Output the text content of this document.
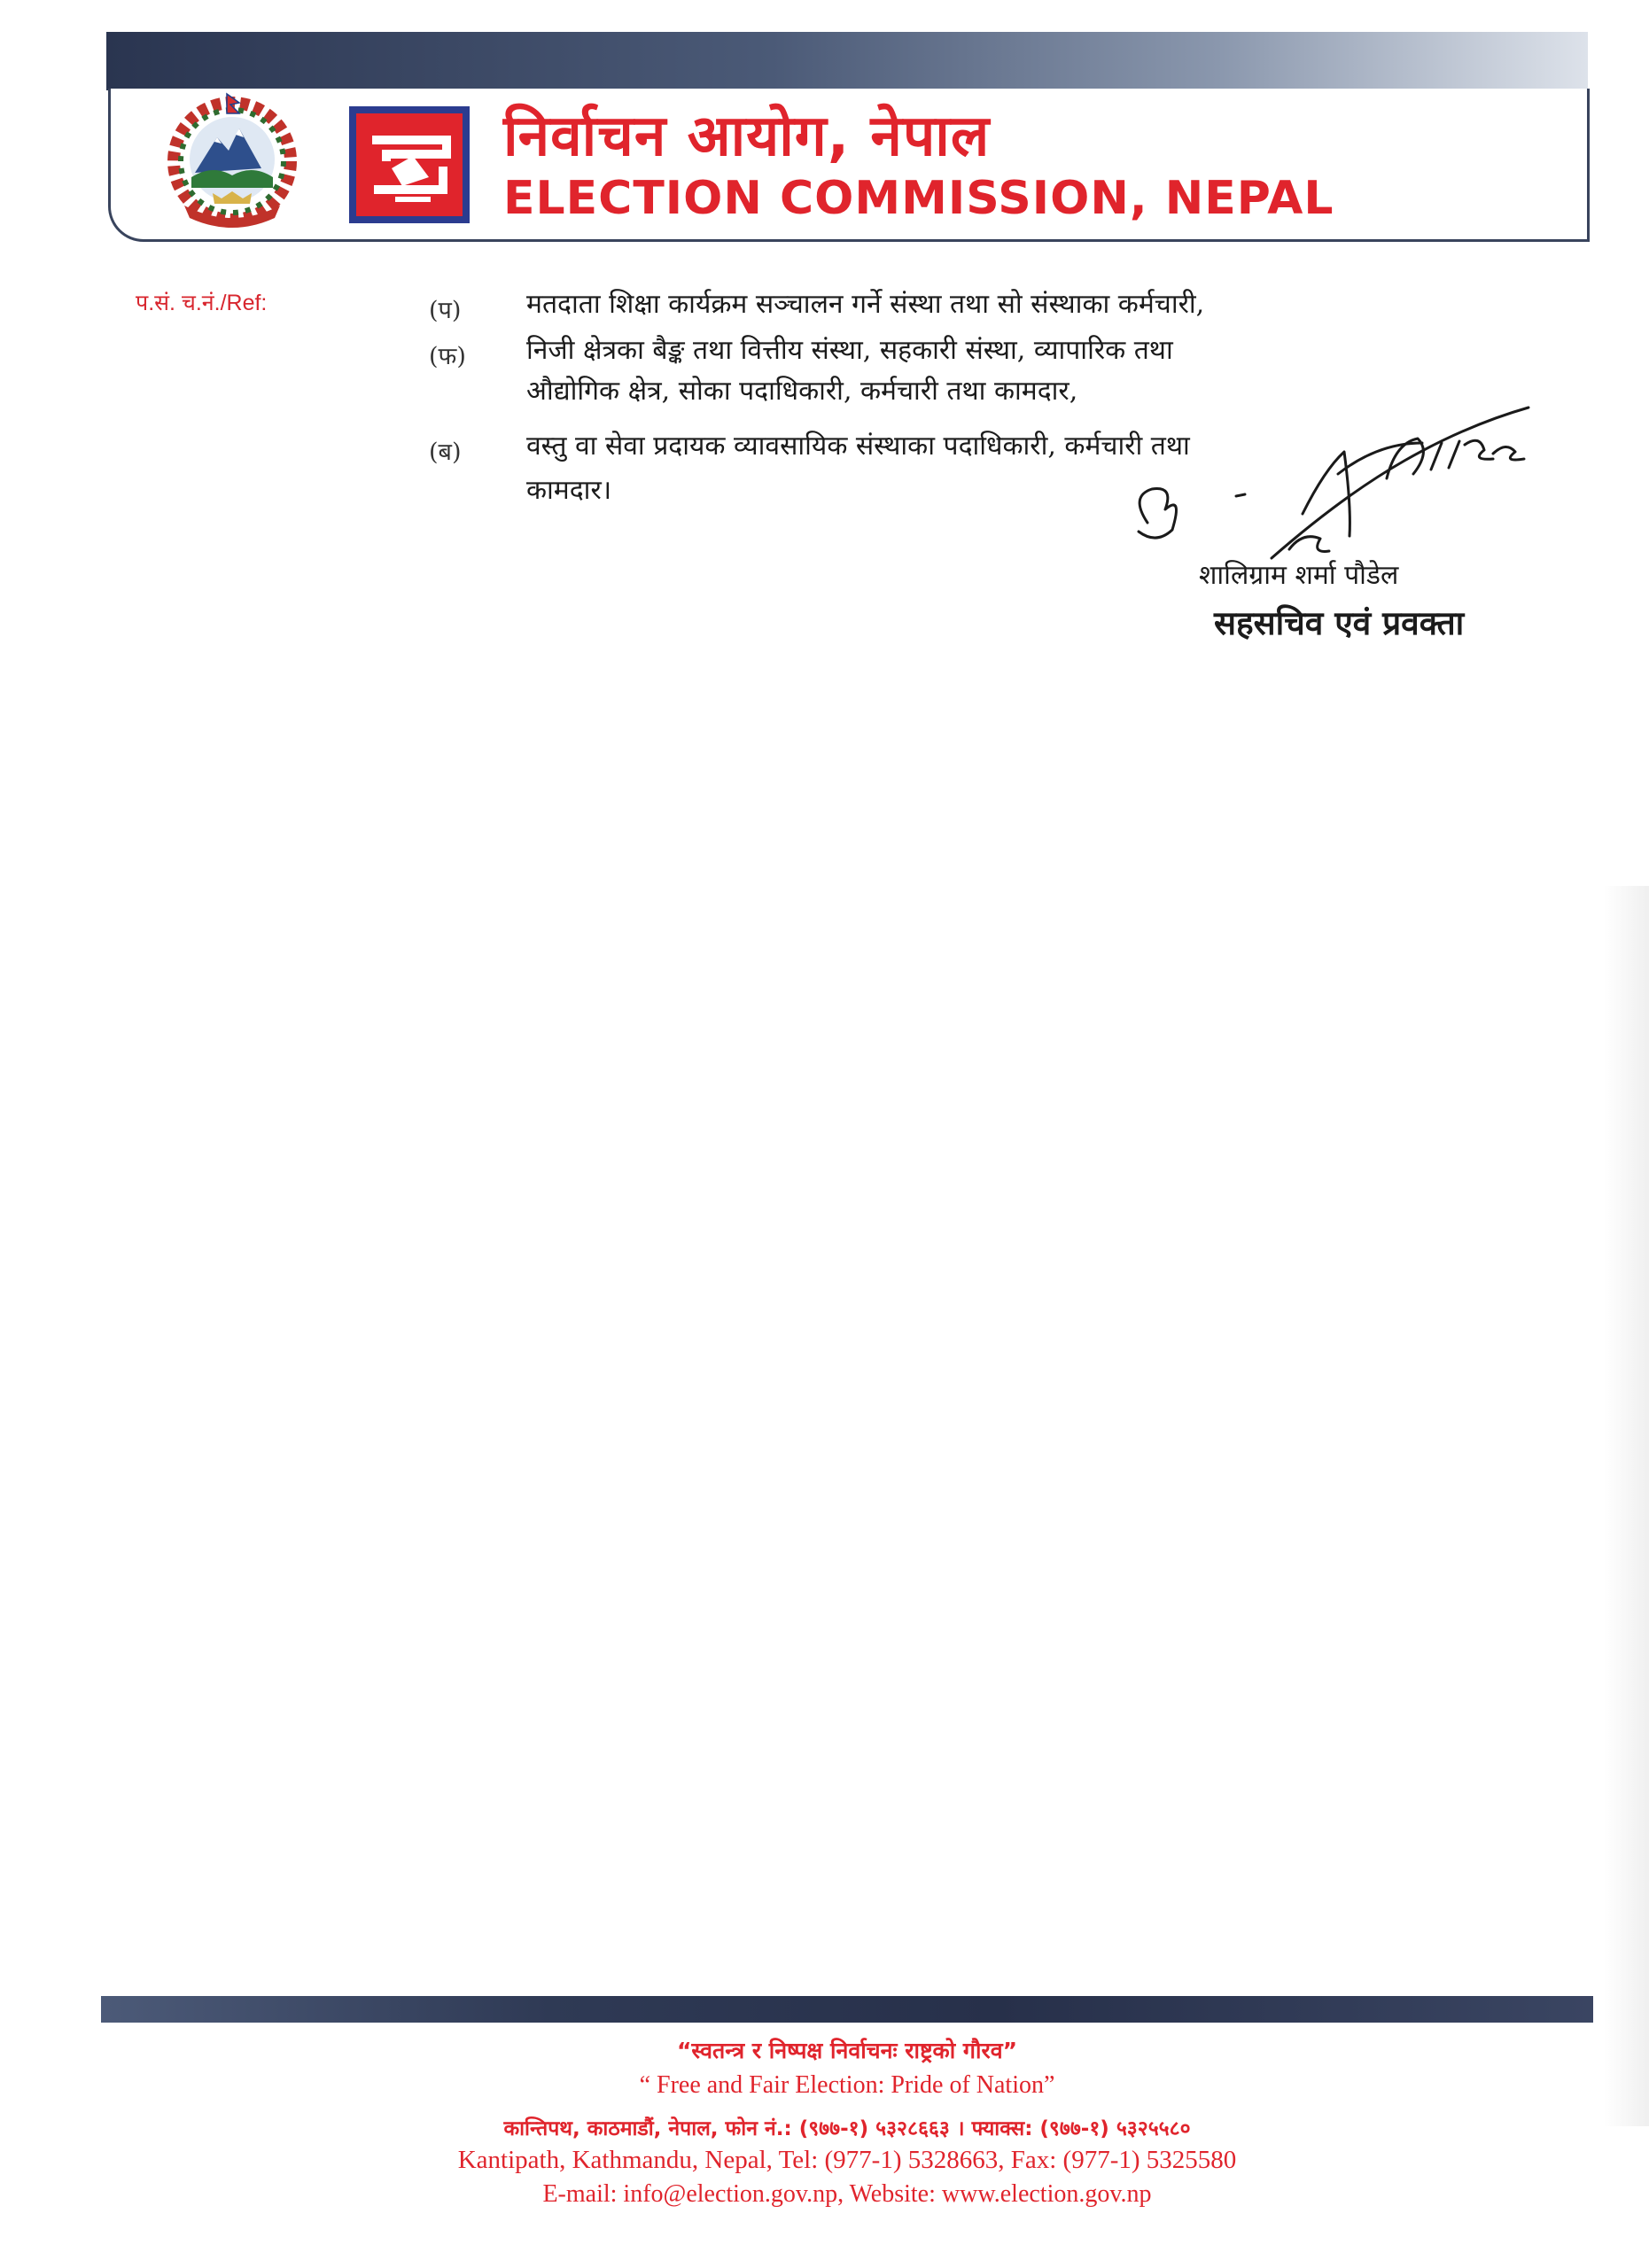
निर्वाचन आयोग, नेपाल
ELECTION COMMISSION, NEPAL
प.सं. च.नं./Ref:	(प) मतदाता शिक्षा कार्यक्रम सञ्चालन गर्ने संस्था तथा सो संस्थाका कर्मचारी,
(फ) निजी क्षेत्रका बैङ्क तथा वित्तीय संस्था, सहकारी संस्था, व्यापारिक तथा
औद्योगिक क्षेत्र, सोका पदाधिकारी, कर्मचारी तथा कामदार,
(ब) वस्तु वा सेवा प्रदायक व्यावसायिक संस्थाका पदाधिकारी, कर्मचारी तथा
कामदार।
शालिग्राम शर्मा पौडेल
सहसचिव एवं प्रवक्ता
“स्वतन्त्र र निष्पक्ष निर्वाचनः राष्ट्रको गौरव”
“ Free and Fair Election: Pride of Nation”
कान्तिपथ, काठमाडौं, नेपाल, फोन नं.: (९७७-१) ५३२८६६३ । फ्याक्स: (९७७-१) ५३२५५८०
Kantipath, Kathmandu, Nepal, Tel: (977-1) 5328663, Fax: (977-1) 5325580
E-mail: info@election.gov.np, Website: www.election.gov.np
